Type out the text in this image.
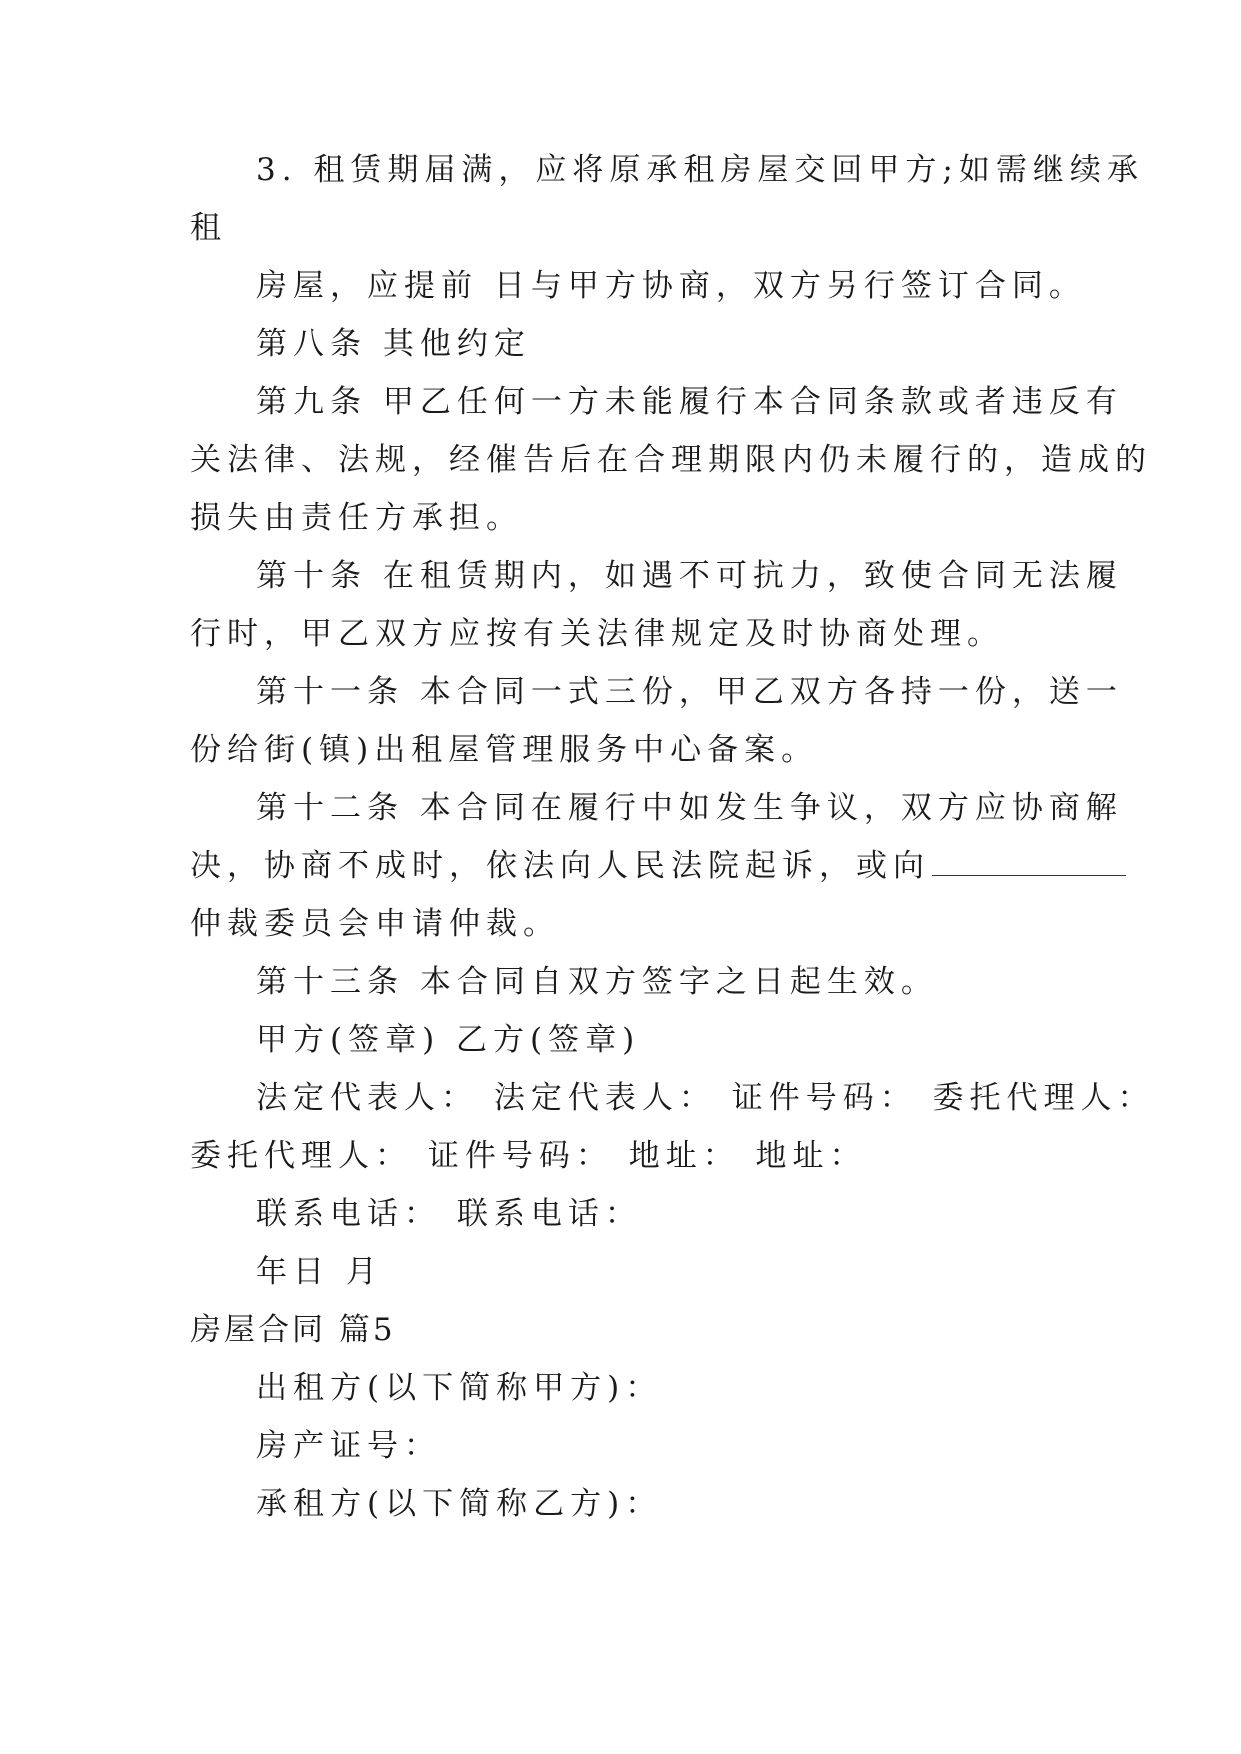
3. 租赁期届满，应将原承租房屋交回甲方;如需继续承
租
房屋，应提前 日与甲方协商，双方另行签订合同。
第八条 其他约定
第九条 甲乙任何一方未能履行本合同条款或者违反有
关法律、法规，经催告后在合理期限内仍未履行的，造成的
损失由责任方承担。
第十条 在租赁期内，如遇不可抗力，致使合同无法履
行时，甲乙双方应按有关法律规定及时协商处理。
第十一条 本合同一式三份，甲乙双方各持一份，送一
份给街(镇)出租屋管理服务中心备案。
第十二条 本合同在履行中如发生争议，双方应协商解
决，协商不成时，依法向人民法院起诉，或向
仲裁委员会申请仲裁。
第十三条 本合同自双方签字之日起生效。
甲方(签章) 乙方(签章)
法定代表人： 法定代表人： 证件号码： 委托代理人：
委托代理人： 证件号码： 地址： 地址：
联系电话： 联系电话：
年日 月
房屋合同 篇5
出租方(以下简称甲方)：
房产证号：
承租方(以下简称乙方)：
